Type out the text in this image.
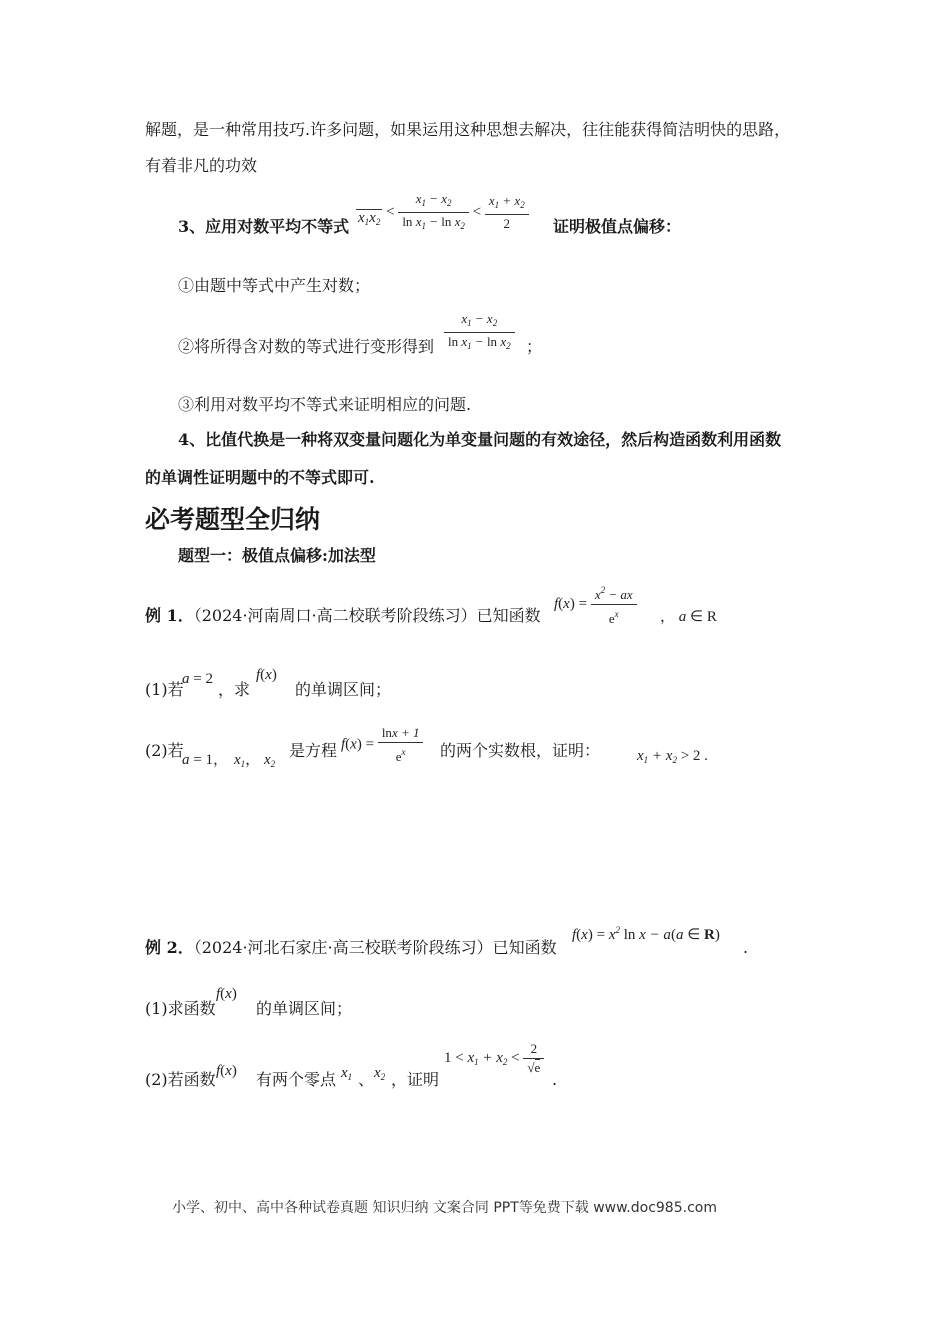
解题，是一种常用技巧.许多问题，如果运用这种思想去解决，往往能获得简洁明快的思路，
有着非凡的功效
3、应用对数平均不等式 $x_1x_2 < \frac{x_1 - x_2}{\ln x_1 - \ln x_2} < \frac{x_1 + x_2}{2}$ 证明极值点偏移：
①由题中等式中产生对数；
②将所得含对数的等式进行变形得到 $\frac{x_1 - x_2}{\ln x_1 - \ln x_2}$ ；
③利用对数平均不等式来证明相应的问题.
4、比值代换是一种将双变量问题化为单变量问题的有效途径，然后构造函数利用函数
的单调性证明题中的不等式即可.
必考题型全归纳
题型一：极值点偏移:加法型
例 1．（2024·河南周口·高二校联考阶段练习）已知函数
$f(x) = \frac{x^2 - ax}{e^x}$ ， a ∈ R
(1)若
a = 2
，求
f(x)
的单调区间；
(2)若
a = 1， $x_1$， $x_2$
是方程 $f(x) = \frac{\ln x + 1}{e^x}$ 的两个实数根，证明： $x_1 + x_2 > 2$ .
例 2．（2024·河北石家庄·高三校联考阶段练习）已知函数
$f(x) = x^2$ ln x − a(a ∈ R)
.
(1)求函数
f(x)
的单调区间；
(2)若函数 f(x) 有两个零点 $x_1$ 、 $x_2$ ，证明
$1 < x_1 + x_2 < \frac{2}{√e}$
.
小学、初中、高中各种试卷真题 知识归纳 文案合同 PPT等免费下载 www.doc985.com
